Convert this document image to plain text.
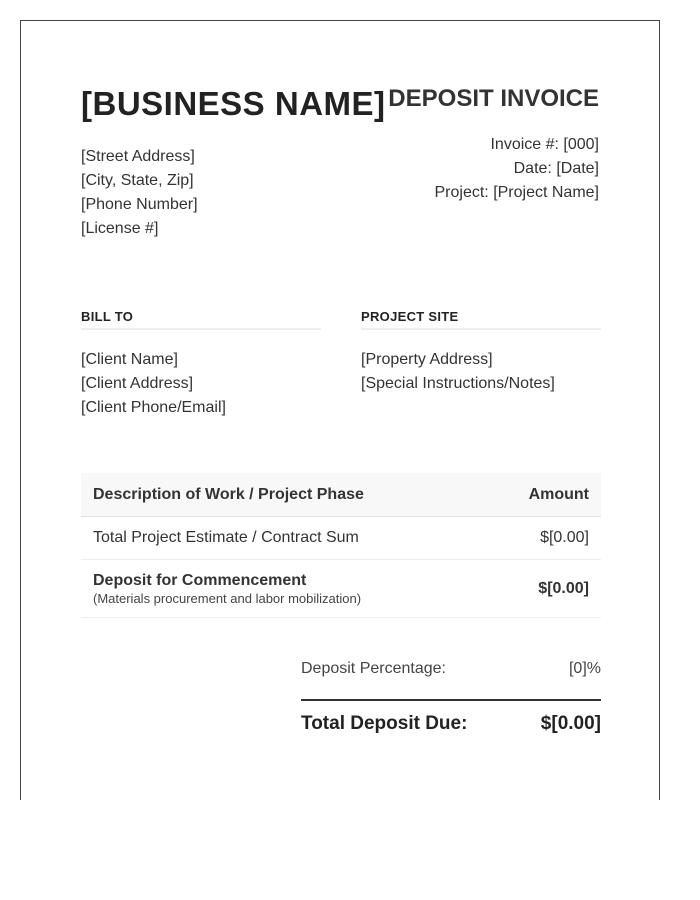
[BUSINESS NAME] DEPOSIT INVOICE
[Street Address]
[City, State, Zip]
[Phone Number]
[License #]
Invoice #: [000]
Date: [Date]
Project: [Project Name]
BILL TO
[Client Name]
[Client Address]
[Client Phone/Email]
PROJECT SITE
[Property Address]
[Special Instructions/Notes]
Description of Work / Project Phase	Amount
Total Project Estimate / Contract Sum	$[0.00]

Deposit for Commencement
(Materials procurement and labor mobilization)	$[0.00]
Deposit Percentage:	[0]%
Total Deposit Due:	$[0.00]
